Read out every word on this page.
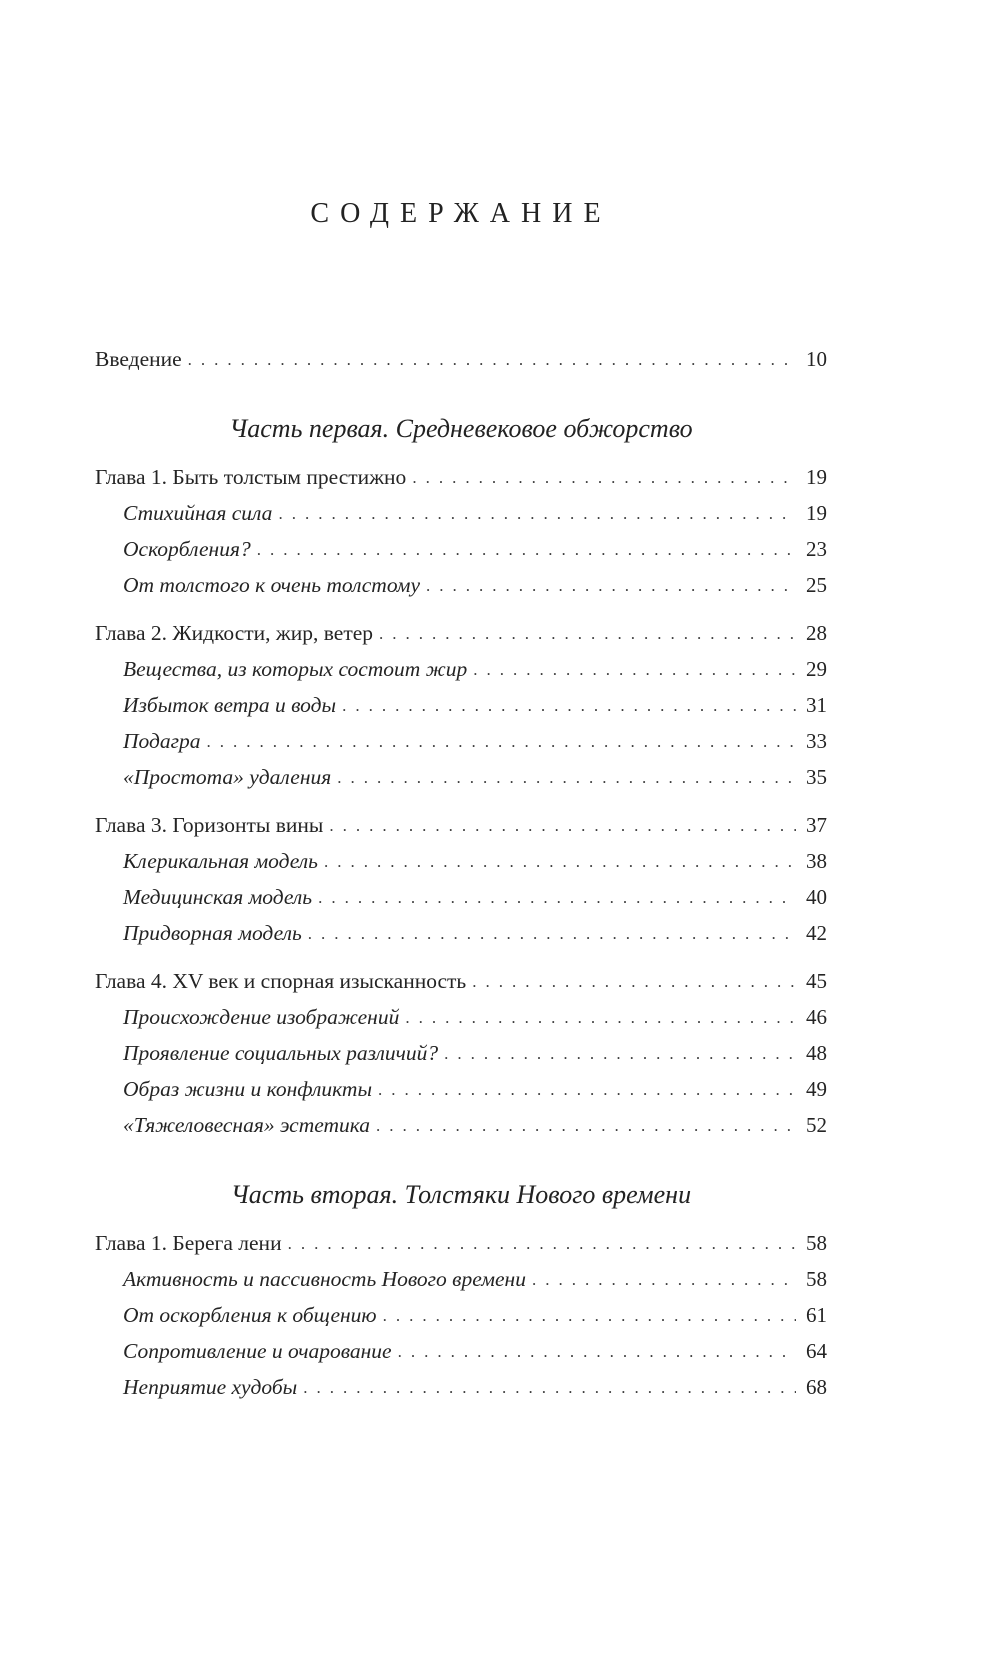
СОДЕРЖАНИЕ
Введение .....	10
Часть первая. Средневековое обжорство
Глава 1. Быть толстым престижно .....	19
Стихийная сила .....	19
Оскорбления? .....	23
От толстого к очень толстому .....	25
Глава 2. Жидкости, жир, ветер .....	28
Вещества, из которых состоит жир .....	29
Избыток ветра и воды .....	31
Подагра .....	33
«Простота» удаления .....	35
Глава 3. Горизонты вины .....	37
Клерикальная модель .....	38
Медицинская модель .....	40
Придворная модель .....	42
Глава 4. XV век и спорная изысканность .....	45
Происхождение изображений .....	46
Проявление социальных различий? .....	48
Образ жизни и конфликты .....	49
«Тяжеловесная» эстетика .....	52
Часть вторая. Толстяки Нового времени
Глава 1. Берега лени .....	58
Активность и пассивность Нового времени .....	58
От оскорбления к общению .....	61
Сопротивление и очарование .....	64
Неприятие худобы .....	68
